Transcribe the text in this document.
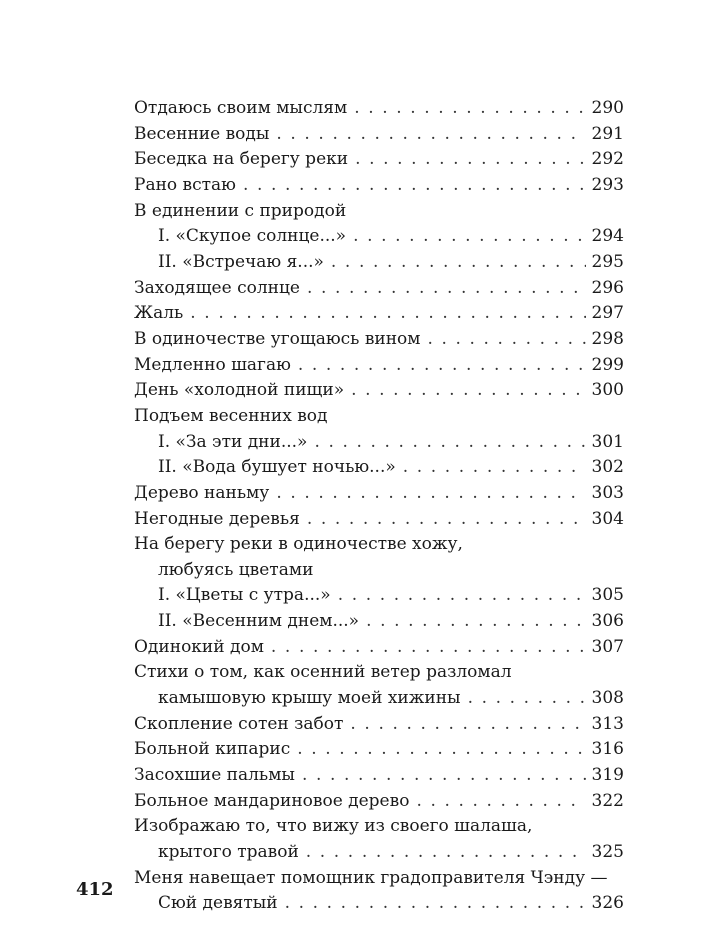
Отдаюсь своим мыслям . . .	290
Весенние воды . . .	291
Беседка на берегу реки . . .	292
Рано встаю . . .	293
В единении с природой
I. «Скупое солнце...» . . .	294
II. «Встречаю я...» . . .	295
Заходящее солнце . . .	296
Жаль . . .	297
В одиночестве угощаюсь вином . . .	298
Медленно шагаю . . .	299
День «холодной пищи» . . .	300
Подъем весенних вод
I. «За эти дни...» . . .	301
II. «Вода бушует ночью...» . . .	302
Дерево наньму . . .	303
Негодные деревья . . .	304
На берегу реки в одиночестве хожу,
любуясь цветами
I. «Цветы с утра...» . . .	305
II. «Весенним днем...» . . .	306
Одинокий дом . . .	307
Стихи о том, как осенний ветер разломал
камышовую крышу моей хижины . . .	308
Скопление сотен забот . . .	313
Больной кипарис . . .	316
Засохшие пальмы . . .	319
Больное мандариновое дерево . . .	322
Изображаю то, что вижу из своего шалаша,
крытого травой . . .	325
Меня навещает помощник градоправителя Чэнду —
Сюй девятый . . .	326
412
